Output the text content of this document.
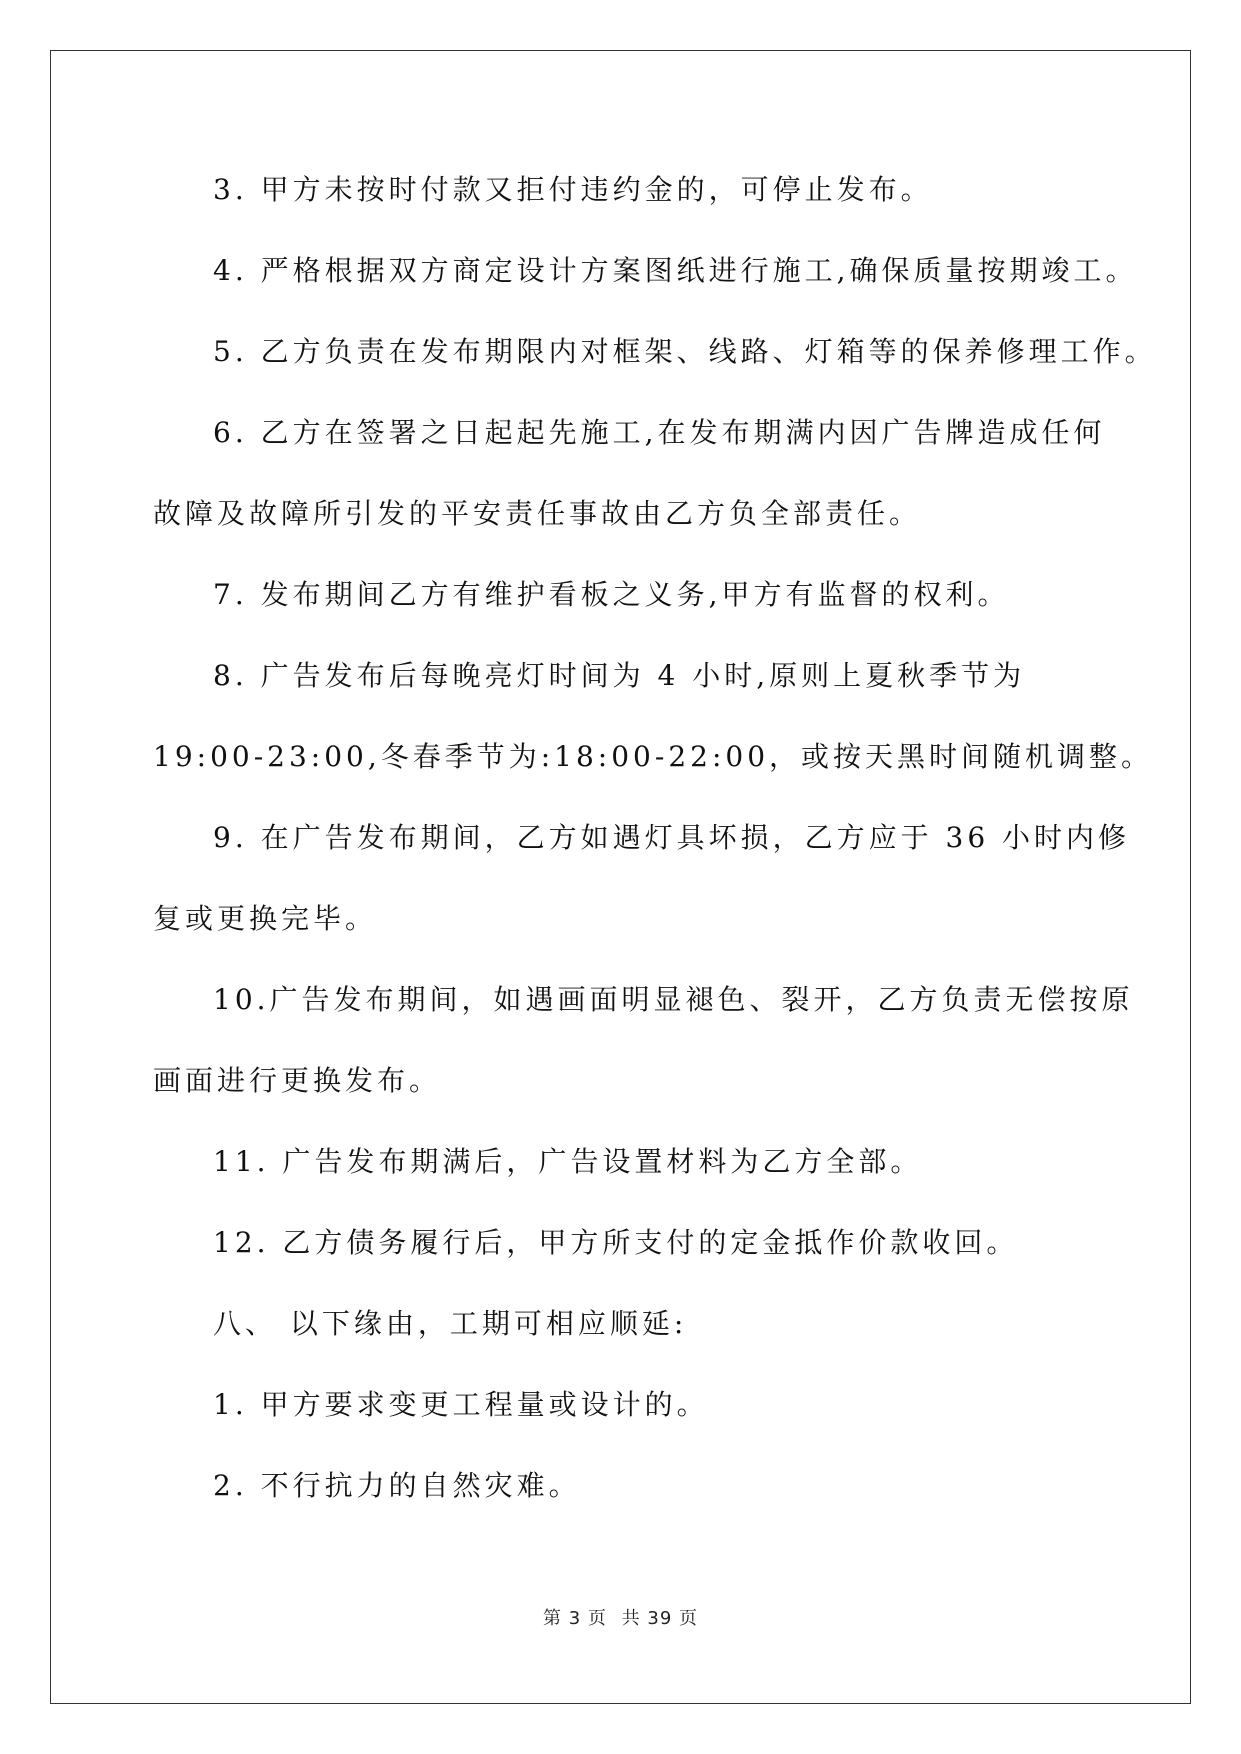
3. 甲方未按时付款又拒付违约金的，可停止发布。
4. 严格根据双方商定设计方案图纸进行施工,确保质量按期竣工。
5. 乙方负责在发布期限内对框架、线路、灯箱等的保养修理工作。
6. 乙方在签署之日起起先施工,在发布期满内因广告牌造成任何
故障及故障所引发的平安责任事故由乙方负全部责任。
7. 发布期间乙方有维护看板之义务,甲方有监督的权利。
8. 广告发布后每晚亮灯时间为 4 小时,原则上夏秋季节为
19:00-23:00,冬春季节为:18:00-22:00，或按天黑时间随机调整。
9. 在广告发布期间，乙方如遇灯具坏损，乙方应于 36 小时内修
复或更换完毕。
10.广告发布期间，如遇画面明显褪色、裂开，乙方负责无偿按原
画面进行更换发布。
11. 广告发布期满后，广告设置材料为乙方全部。
12. 乙方债务履行后，甲方所支付的定金抵作价款收回。
八、 以下缘由，工期可相应顺延:
1. 甲方要求变更工程量或设计的。
2. 不行抗力的自然灾难。
第 3 页 共 39 页
